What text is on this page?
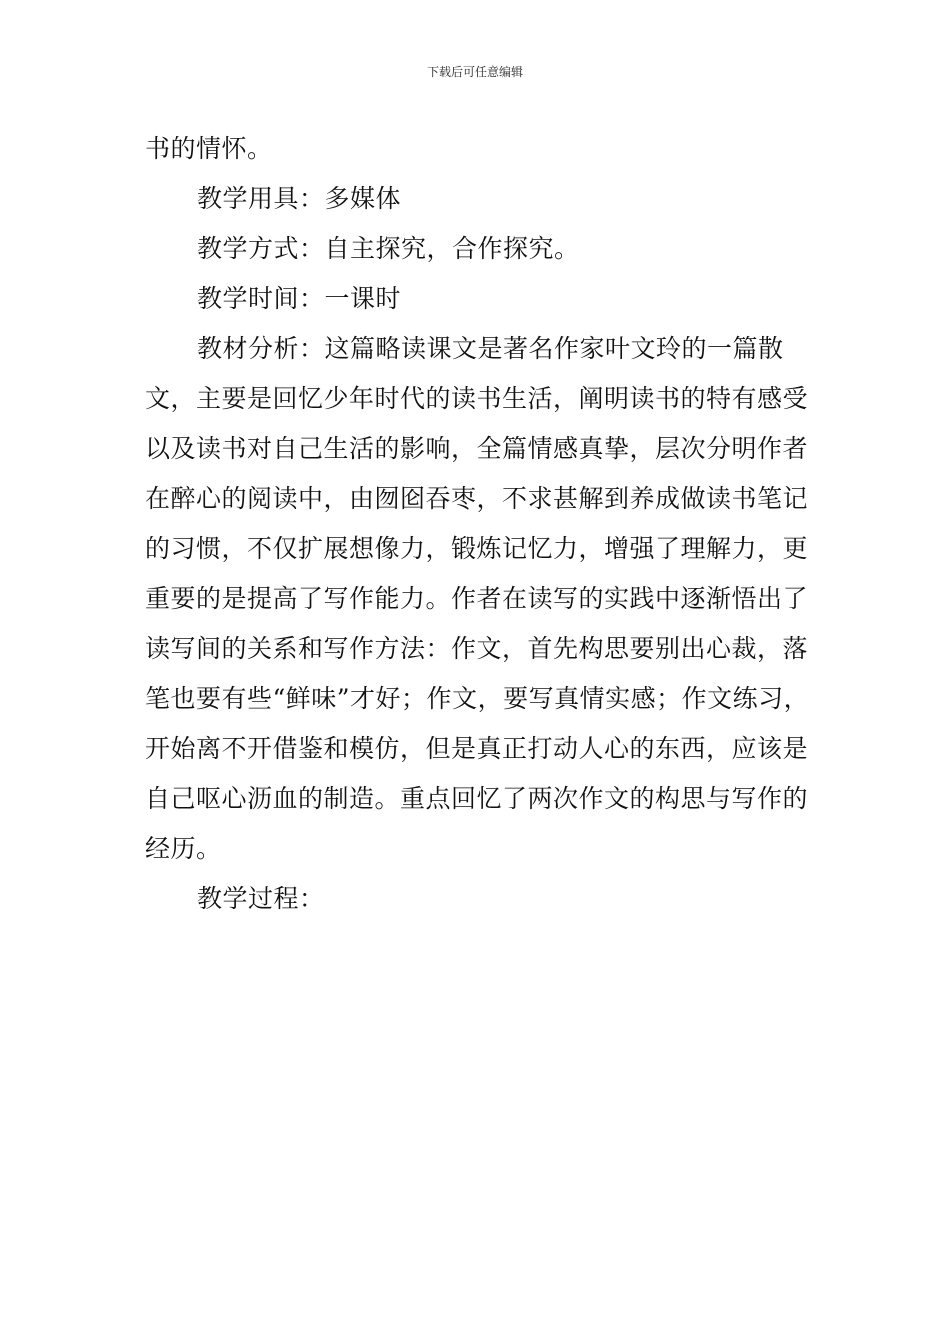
下载后可任意编辑

书的情怀。

教学用具：多媒体

教学方式：自主探究，合作探究。

教学时间：一课时

教材分析：这篇略读课文是著名作家叶文玲的一篇散文，主要是回忆少年时代的读书生活，阐明读书的特有感受以及读书对自己生活的影响，全篇情感真挚，层次分明作者在醉心的阅读中，由囫囵吞枣，不求甚解到养成做读书笔记的习惯，不仅扩展想像力，锻炼记忆力，增强了理解力，更重要的是提高了写作能力。作者在读写的实践中逐渐悟出了读写间的关系和写作方法：作文，首先构思要别出心裁，落笔也要有些“鲜味”才好；作文，要写真情实感；作文练习，开始离不开借鉴和模仿，但是真正打动人心的东西，应该是自己呕心沥血的制造。重点回忆了两次作文的构思与写作的经历。

教学过程：
